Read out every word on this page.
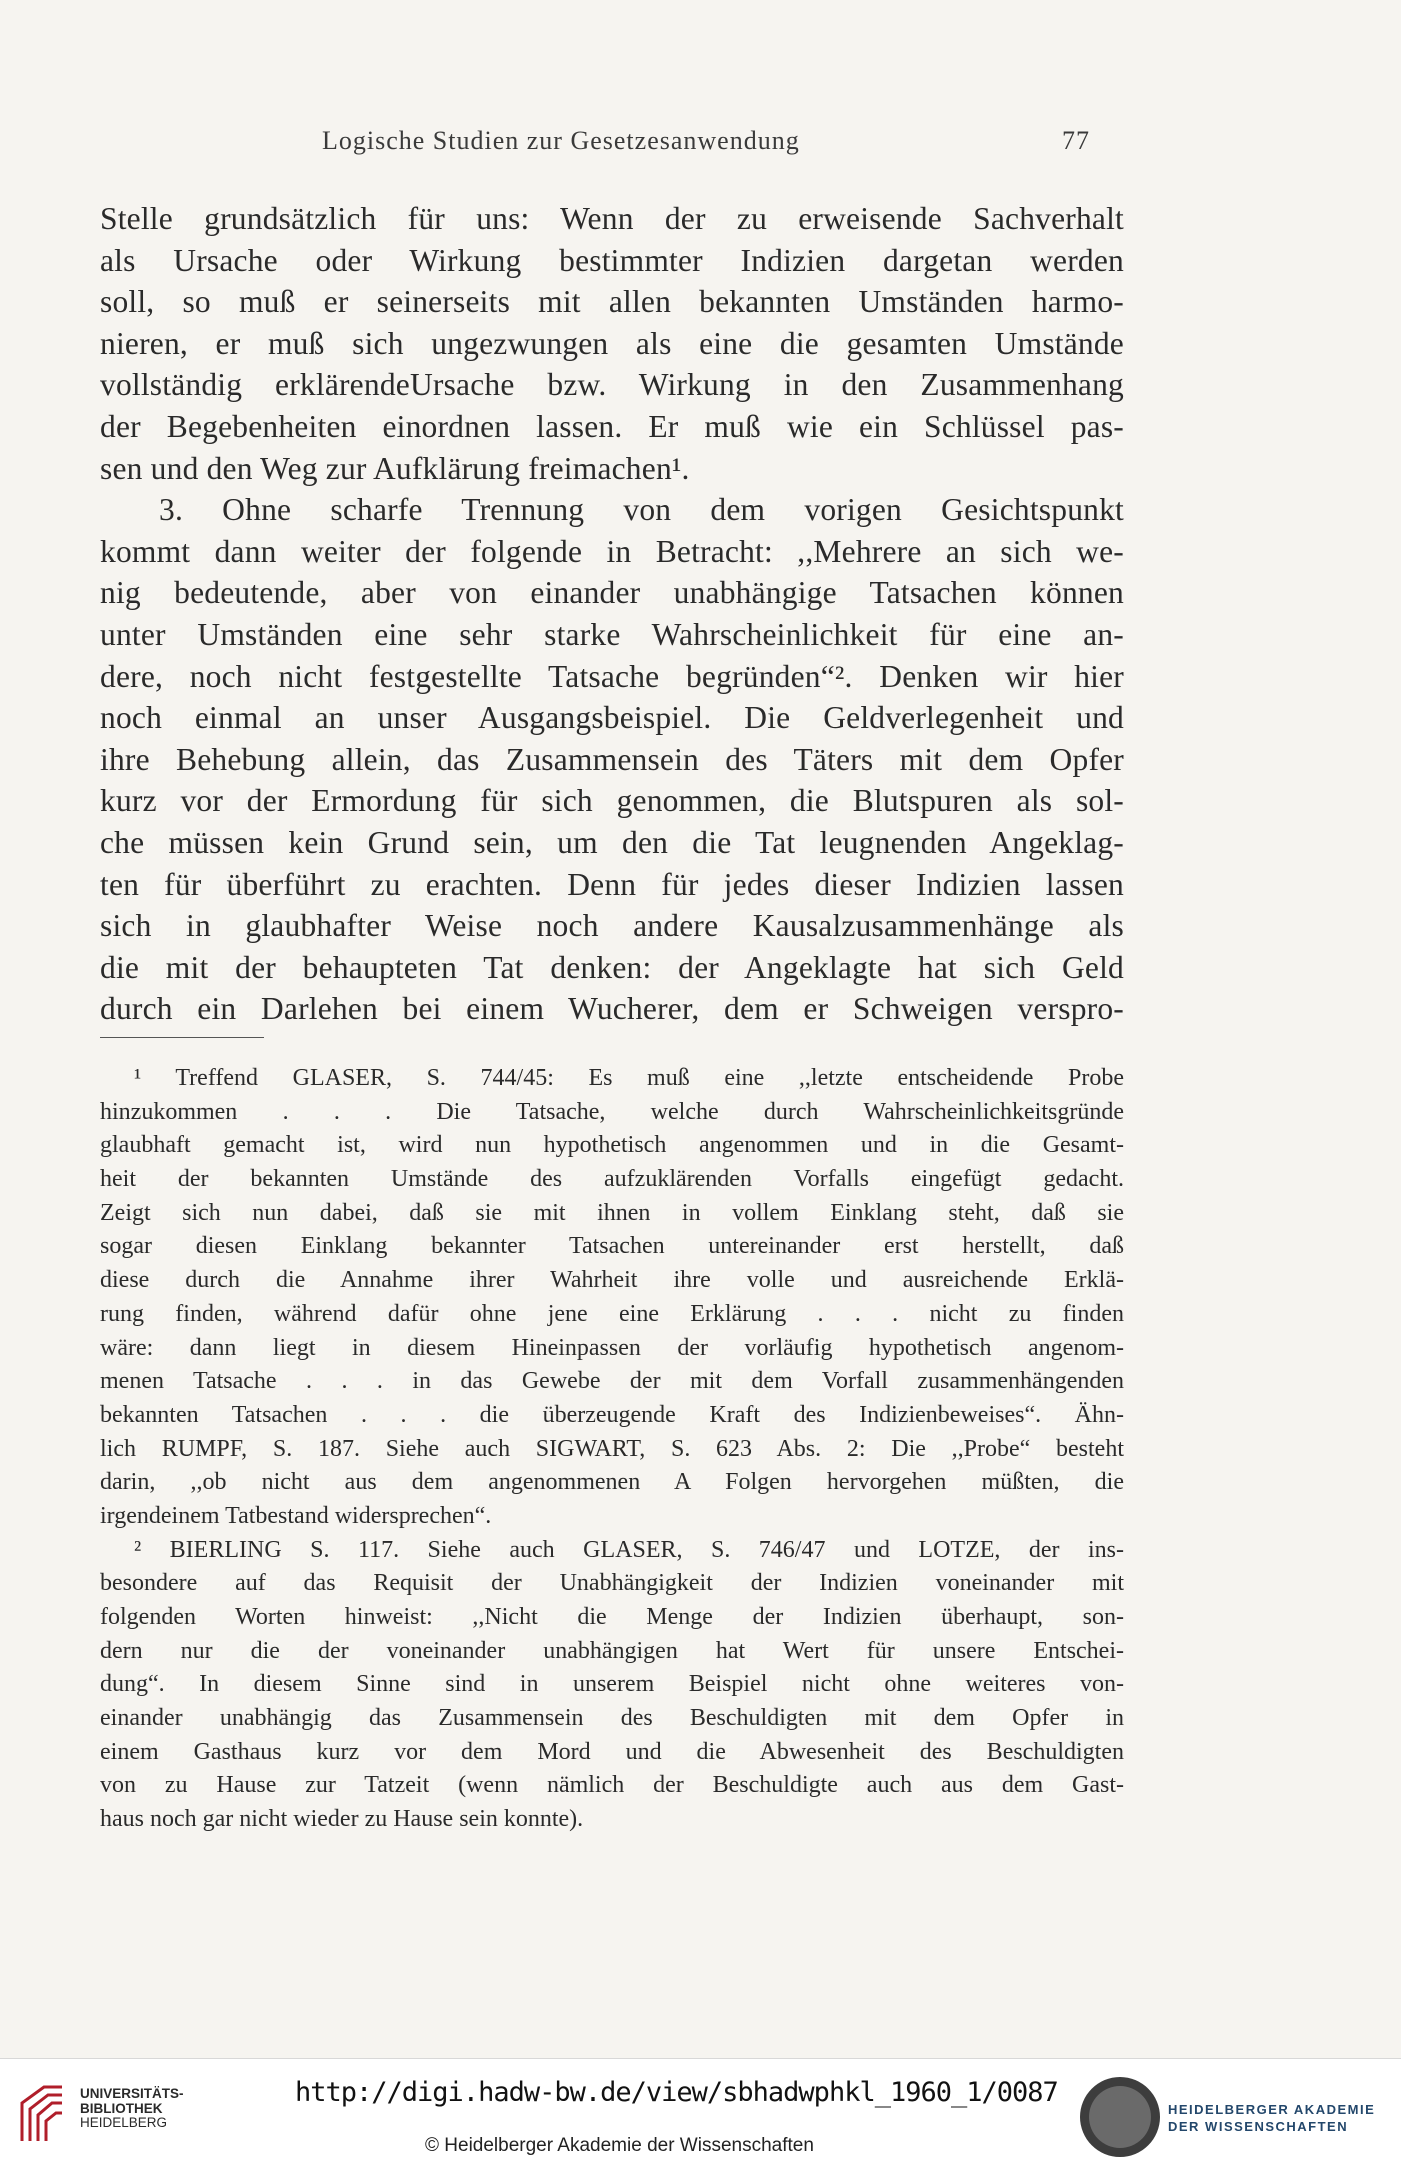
Logische Studien zur Gesetzesanwendung	77
Stelle grundsätzlich für uns: Wenn der zu erweisende Sachverhalt
als Ursache oder Wirkung bestimmter Indizien dargetan werden
soll, so muß er seinerseits mit allen bekannten Umständen harmo-
nieren, er muß sich ungezwungen als eine die gesamten Umstände
vollständig erklärendeUrsache bzw. Wirkung in den Zusammenhang
der Begebenheiten einordnen lassen. Er muß wie ein Schlüssel pas-
sen und den Weg zur Aufklärung freimachen¹.
3. Ohne scharfe Trennung von dem vorigen Gesichtspunkt
kommt dann weiter der folgende in Betracht: ,,Mehrere an sich we-
nig bedeutende, aber von einander unabhängige Tatsachen können
unter Umständen eine sehr starke Wahrscheinlichkeit für eine an-
dere, noch nicht festgestellte Tatsache begründen“². Denken wir hier
noch einmal an unser Ausgangsbeispiel. Die Geldverlegenheit und
ihre Behebung allein, das Zusammensein des Täters mit dem Opfer
kurz vor der Ermordung für sich genommen, die Blutspuren als sol-
che müssen kein Grund sein, um den die Tat leugnenden Angeklag-
ten für überführt zu erachten. Denn für jedes dieser Indizien lassen
sich in glaubhafter Weise noch andere Kausalzusammenhänge als
die mit der behaupteten Tat denken: der Angeklagte hat sich Geld
durch ein Darlehen bei einem Wucherer, dem er Schweigen verspro-
¹ Treffend GLASER, S. 744/45: Es muß eine ,,letzte entscheidende Probe
hinzukommen . . . Die Tatsache, welche durch Wahrscheinlichkeitsgründe
glaubhaft gemacht ist, wird nun hypothetisch angenommen und in die Gesamt-
heit der bekannten Umstände des aufzuklärenden Vorfalls eingefügt gedacht.
Zeigt sich nun dabei, daß sie mit ihnen in vollem Einklang steht, daß sie
sogar diesen Einklang bekannter Tatsachen untereinander erst herstellt, daß
diese durch die Annahme ihrer Wahrheit ihre volle und ausreichende Erklä-
rung finden, während dafür ohne jene eine Erklärung . . . nicht zu finden
wäre: dann liegt in diesem Hineinpassen der vorläufig hypothetisch angenom-
menen Tatsache . . . in das Gewebe der mit dem Vorfall zusammenhängenden
bekannten Tatsachen . . . die überzeugende Kraft des Indizienbeweises“. Ähn-
lich RUMPF, S. 187. Siehe auch SIGWART, S. 623 Abs. 2: Die ,,Probe“ besteht
darin, ,,ob nicht aus dem angenommenen A Folgen hervorgehen müßten, die
irgendeinem Tatbestand widersprechen“.
² BIERLING S. 117. Siehe auch GLASER, S. 746/47 und LOTZE, der ins-
besondere auf das Requisit der Unabhängigkeit der Indizien voneinander mit
folgenden Worten hinweist: ,,Nicht die Menge der Indizien überhaupt, son-
dern nur die der voneinander unabhängigen hat Wert für unsere Entschei-
dung“. In diesem Sinne sind in unserem Beispiel nicht ohne weiteres von-
einander unabhängig das Zusammensein des Beschuldigten mit dem Opfer in
einem Gasthaus kurz vor dem Mord und die Abwesenheit des Beschuldigten
von zu Hause zur Tatzeit (wenn nämlich der Beschuldigte auch aus dem Gast-
haus noch gar nicht wieder zu Hause sein konnte).
UNIVERSITÄTS-
BIBLIOTHEK
HEIDELBERG
http://digi.hadw-bw.de/view/sbhadwphkl_1960_1/0087
© Heidelberger Akademie der Wissenschaften
HEIDELBERGER AKADEMIE
DER WISSENSCHAFTEN
